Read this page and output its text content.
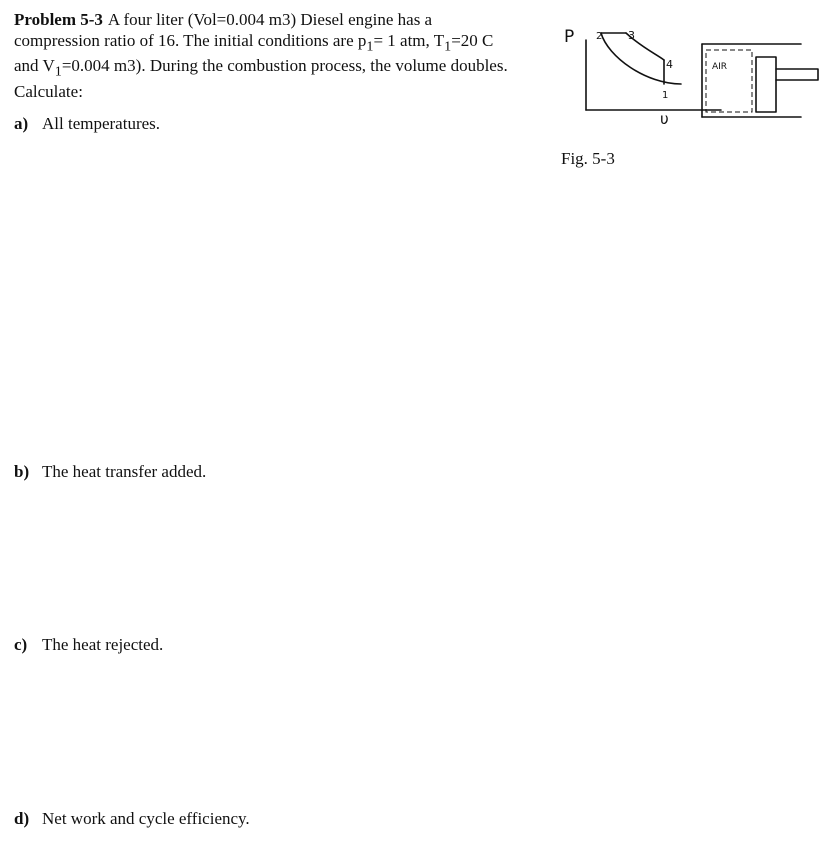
Problem 5-3 A four liter (Vol=0.004 m3) Diesel engine has a
compression ratio of 16. The initial conditions are $p_1= 1$ atm, $T_1=20$ C
and $V_1=0.004$ m3). During the combustion process, the volume doubles.
Calculate:
a) All temperatures.
b) The heat transfer added.
c) The heat rejected.
d) Net work and cycle efficiency.
P 2 3
4
1
υ
AIR
Fig. 5-3
